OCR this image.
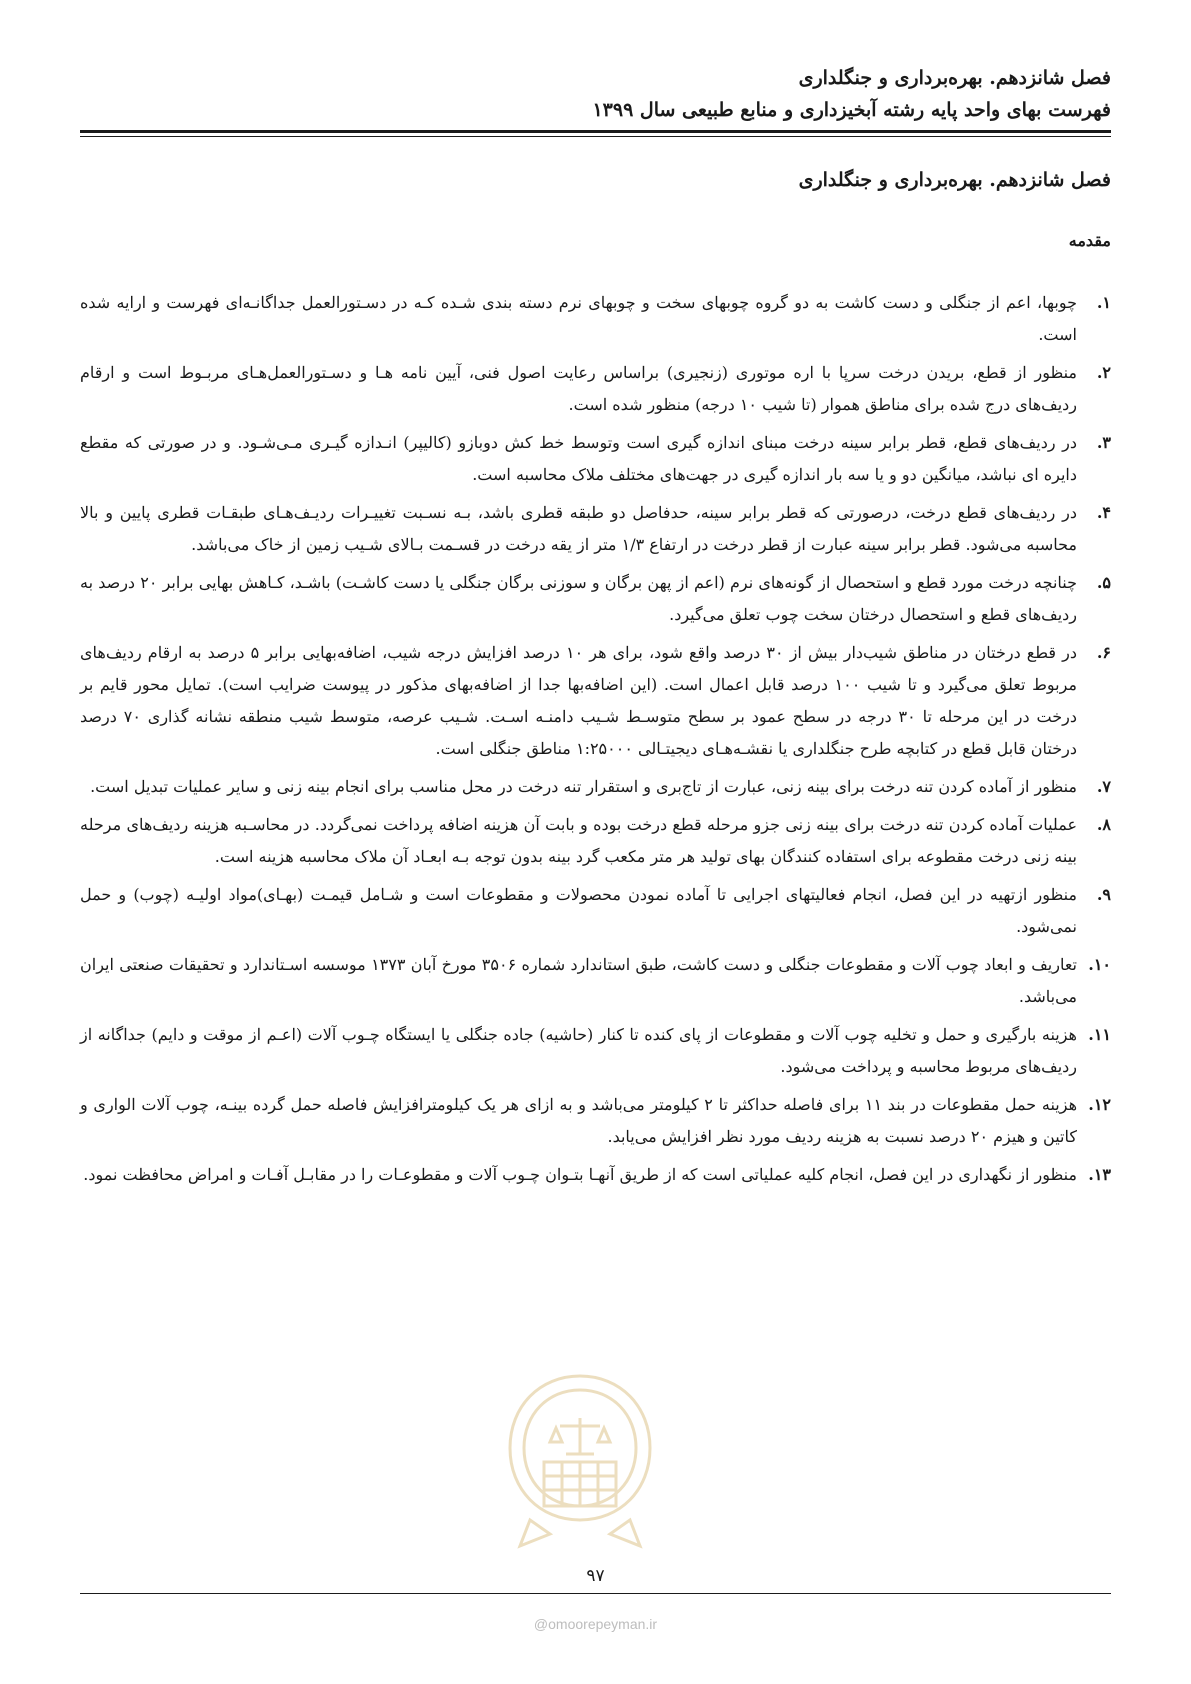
فصل شانزدهم. بهره‌برداری و جنگلداری
فهرست بهای واحد پایه رشته آبخیزداری و منابع طبیعی سال ۱۳۹۹
فصل شانزدهم. بهره‌برداری و جنگلداری
مقدمه
۱.
چوبها، اعم از جنگلی و دست کاشت به دو گروه چوبهای سخت و چوبهای نرم دسته بندی شـده کـه در دسـتورالعمل جداگانـه‌ای فهرست و ارایه شده است.
۲.
منظور از قطع، بریدن درخت سرپا با اره موتوری (زنجیری) براساس رعایت اصول فنی، آیین نامه هـا و دسـتورالعمل‌هـای مربـوط است و ارقام ردیف‌های درج شده برای مناطق هموار (تا شیب ۱۰ درجه) منظور شده است.
۳.
در ردیف‌های قطع، قطر برابر سینه درخت مبنای اندازه گیری است وتوسط خط کش دوبازو (کالیپر) انـدازه گیـری مـی‌شـود. و در صورتی که مقطع دایره ای نباشد، میانگین دو و یا سه بار اندازه گیری در جهت‌های مختلف ملاک محاسبه است.
۴.
در ردیف‌های قطع درخت، درصورتی که قطر برابر سینه، حدفاصل دو طبقه قطری باشد، بـه نسـبت تغییـرات ردیـف‌هـای طبقـات قطری پایین و بالا محاسبه می‌شود. قطر برابر سینه عبارت از قطر درخت در ارتفاع ۱/۳ متر از یقه درخت در قسـمت بـالای شـیب زمین از خاک می‌باشد.
۵.
چنانچه درخت مورد قطع و استحصال از گونه‌های نرم (اعم از پهن برگان و سوزنی برگان جنگلی یا دست کاشـت) باشـد، کـاهش بهایی برابر ۲۰ درصد به ردیف‌های قطع و استحصال درختان سخت چوب تعلق می‌گیرد.
۶.
در قطع درختان در مناطق شیب‌دار بیش از ۳۰ درصد واقع شود، برای هر ۱۰ درصد افزایش درجه شیب، اضافه‌بهایی برابر ۵ درصد به ارقام ردیف‌های مربوط تعلق می‌گیرد و تا شیب ۱۰۰ درصد قابل اعمال است. (این اضافه‌بها جدا از اضافه‌بهای مذکور در پیوست ضرایب است). تمایل محور قایم بر درخت در این مرحله تا ۳۰ درجه در سطح عمود بر سطح متوسـط شـیب دامنـه اسـت. شـیب عرصه، متوسط شیب منطقه نشانه گذاری ۷۰ درصد درختان قابل قطع در کتابچه طرح جنگلداری یا نقشـه‌هـای دیجیتـالی ۱:۲۵۰۰۰ مناطق جنگلی است.
۷.
منظور از آماده کردن تنه درخت برای بینه زنی، عبارت از تاج‌بری و استقرار تنه درخت در محل مناسب برای انجام بینه زنی و سایر عملیات تبدیل است.
۸.
عملیات آماده کردن تنه درخت برای بینه زنی جزو مرحله قطع درخت بوده و بابت آن هزینه اضافه پرداخت نمی‌گردد. در محاسـبه هزینه ردیف‌های مرحله بینه زنی درخت مقطوعه برای استفاده کنندگان بهای تولید هر متر مکعب گرد بینه بدون توجه بـه ابعـاد آن ملاک محاسبه هزینه است.
۹.
منظور ازتهیه در این فصل، انجام فعالیتهای اجرایی تا آماده نمودن محصولات و مقطوعات است و شـامل قیمـت (بهـای)مواد اولیـه (چوب) و حمل نمی‌شود.
۱۰.
تعاریف و ابعاد چوب آلات و مقطوعات جنگلی و دست کاشت، طبق استاندارد شماره ۳۵۰۶ مورخ آبان ۱۳۷۳ موسسه اسـتاندارد و تحقیقات صنعتی ایران می‌باشد.
۱۱.
هزینه بارگیری و حمل و تخلیه چوب آلات و مقطوعات از پای کنده تا کنار (حاشیه) جاده جنگلی یا ایستگاه چـوب آلات (اعـم از موقت و دایم) جداگانه از ردیف‌های مربوط محاسبه و پرداخت می‌شود.
۱۲.
هزینه حمل مقطوعات در بند ۱۱ برای فاصله حداکثر تا ۲ کیلومتر می‌باشد و به ازای هر یک کیلومترافزایش فاصله حمل گرده بینـه، چوب آلات الواری و کاتین و هیزم ۲۰ درصد نسبت به هزینه ردیف مورد نظر افزایش می‌یابد.
۱۳.
منظور از نگهداری در این فصل، انجام کلیه عملیاتی است که از طریق آنهـا بتـوان چـوب آلات و مقطوعـات را در مقابـل آفـات و امراض محافظت نمود.
۹۷
@omoorepeyman.ir
